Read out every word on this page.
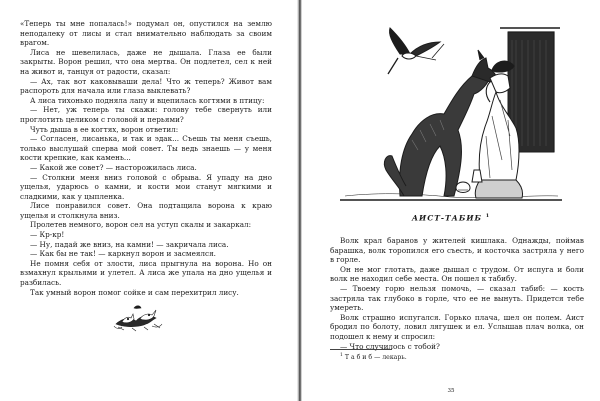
«Теперь ты мне попалась!» подумал он, опустился на землю неподалеку от лисы и стал внимательно наблюдать за своим врагом.

Лиса не шевелилась, даже не дышала. Глаза ее были закрыты. Ворон решил, что она мертва. Он подлетел, сел к ней на живот и, танцуя от радости, сказал:

— Ах, так вот каковываши дела! Что ж теперь? Живот вам распороть для начала или глаза выклевать?

А лиса тихонько подняла лапу и вцепилась когтями в птицу:

— Нет, уж теперь ты скажи: голову тебе свернуть или проглотить целиком с головой и перьями?

Чуть дыша в ее когтях, ворон ответил:

— Согласен, лисанька, и так и эдак... Съешь ты меня съешь, только выслушай сперва мой совет. Ты ведь знаешь — у меня кости крепкие, как камень...

— Какой же совет? — насторожилась лиса.

— Столкни меня вниз головой с обрыва. Я упаду на дно ущелья, ударюсь о камни, и кости мои станут мягкими и сладкими, как у цыпленка.

Лисе понравился совет. Она подтащила ворона к краю ущелья и столкнула вниз.

Пролетев немного, ворон сел на уступ скалы и закаркал:

— Кр-кр!

— Ну, падай же вниз, на камни! — закричала лиса.

— Как бы не так! — каркнул ворон и засмеялся.

Не помня себя от злости, лиса прыгнула на ворона. Но он взмахнул крыльями и улетел. А лиса же упала на дно ущелья и разбилась.

Так умный ворон помог сойке и сам перехитрил лису.

АИСТ-ТАБИБ $^1$

Волк крал баранов у жителей кишлака. Однажды, поймав барашка, волк торопился его съесть, и косточка застряла у него в горле.

Он не мог глотать, даже дышал с трудом. От испуга и боли волк не находил себе места. Он пошел к табибу.

— Твоему горю нельзя помочь, — сказал табиб: — кость застряла так глубоко в горле, что ее не вынуть. Придется тебе умереть.

Волк страшно испугался. Горько плача, шел он полем. Аист бродил по болоту, ловил лягушек и ел. Услышав плач волка, он подошел к нему и спросил:

— Что случилось с тобой?

$^1$ Т а б и б — лекарь.
35
